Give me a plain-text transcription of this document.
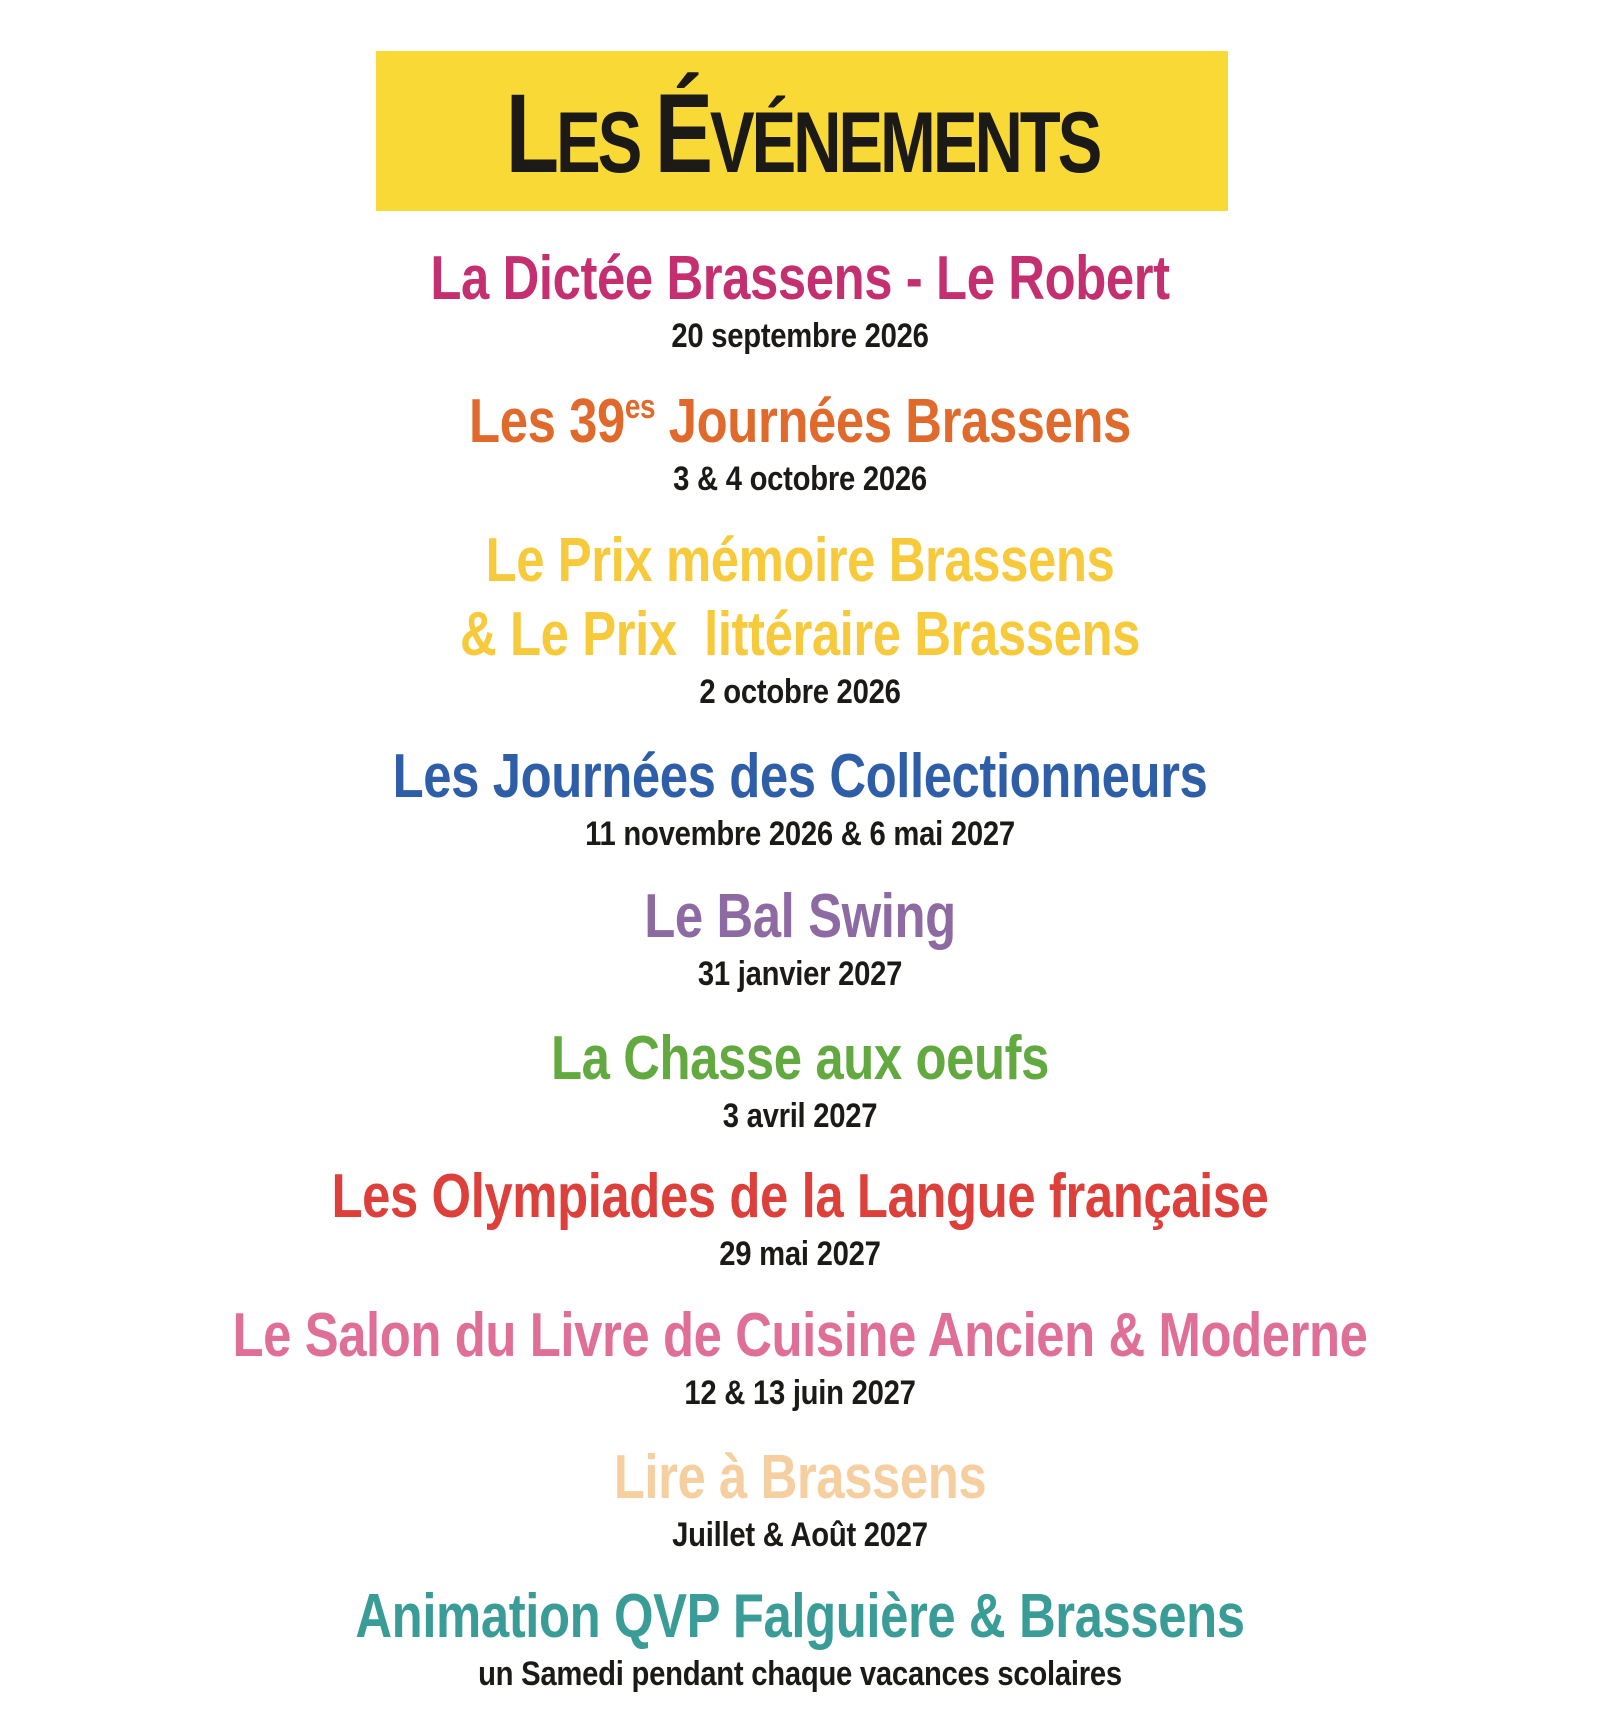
LES ÉVÉNEMENTS
La Dictée Brassens - Le Robert
20 septembre 2026
Les $39^{es}$ Journées Brassens
3 & 4 octobre 2026
Le Prix mémoire Brassens
& Le Prix  littéraire Brassens
2 octobre 2026
Les Journées des Collectionneurs
11 novembre 2026 & 6 mai 2027
Le Bal Swing
31 janvier 2027
La Chasse aux oeufs
3 avril 2027
Les Olympiades de la Langue française
29 mai 2027
Le Salon du Livre de Cuisine Ancien & Moderne
12 & 13 juin 2027
Lire à Brassens
Juillet & Août 2027
Animation QVP Falguière & Brassens
un Samedi pendant chaque vacances scolaires
